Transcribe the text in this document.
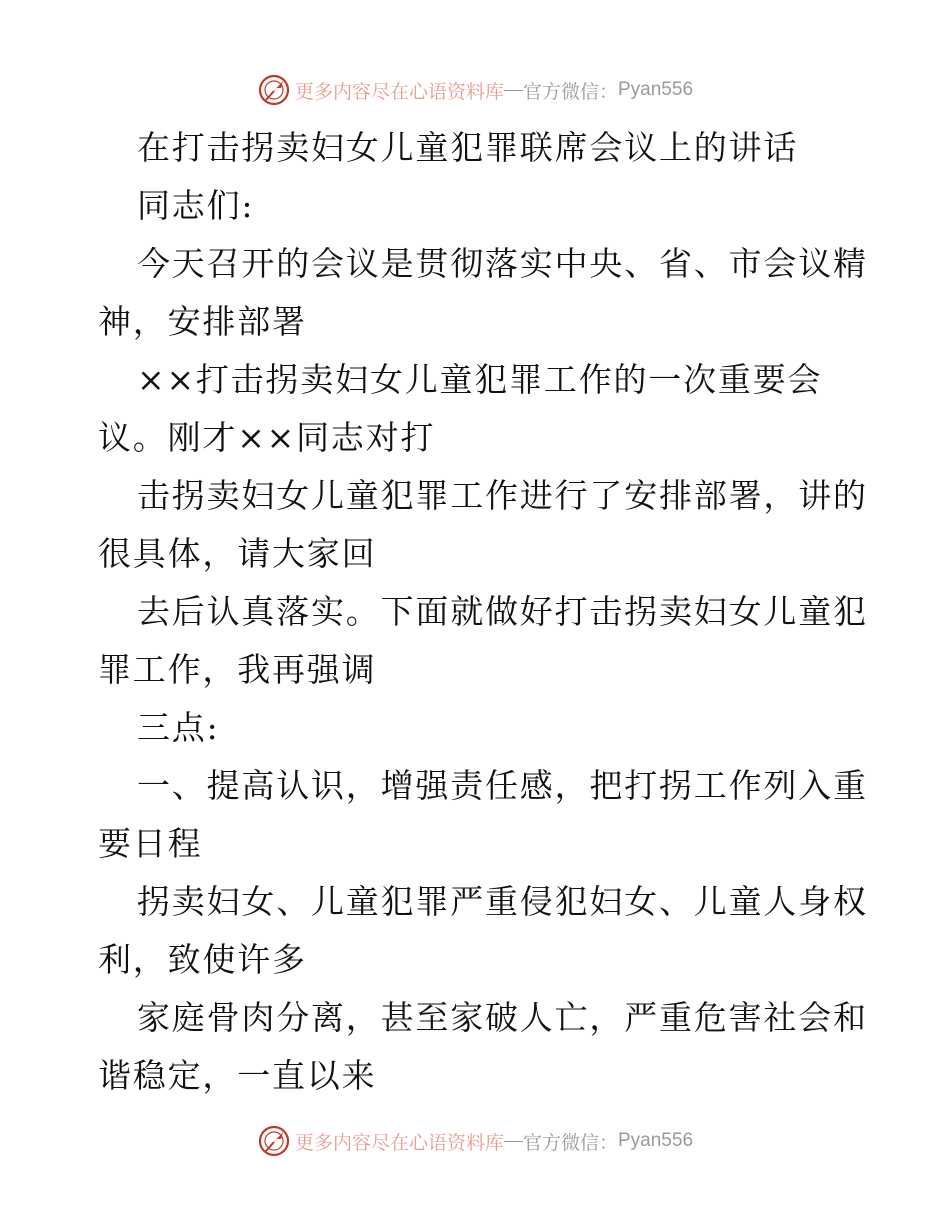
更多内容尽在心语资料库 — 官方微信： Pyan556
在打击拐卖妇女儿童犯罪联席会议上的讲话
同志们:
今天召开的会议是贯彻落实中央、省、市会议精
神，安排部署
××打击拐卖妇女儿童犯罪工作的一次重要会
议。刚才××同志对打
击拐卖妇女儿童犯罪工作进行了安排部署，讲的
很具体，请大家回
去后认真落实。下面就做好打击拐卖妇女儿童犯
罪工作，我再强调
三点:
一、提高认识，增强责任感，把打拐工作列入重
要日程
拐卖妇女、儿童犯罪严重侵犯妇女、儿童人身权
利，致使许多
家庭骨肉分离，甚至家破人亡，严重危害社会和
谐稳定，一直以来
更多内容尽在心语资料库 — 官方微信： Pyan556
